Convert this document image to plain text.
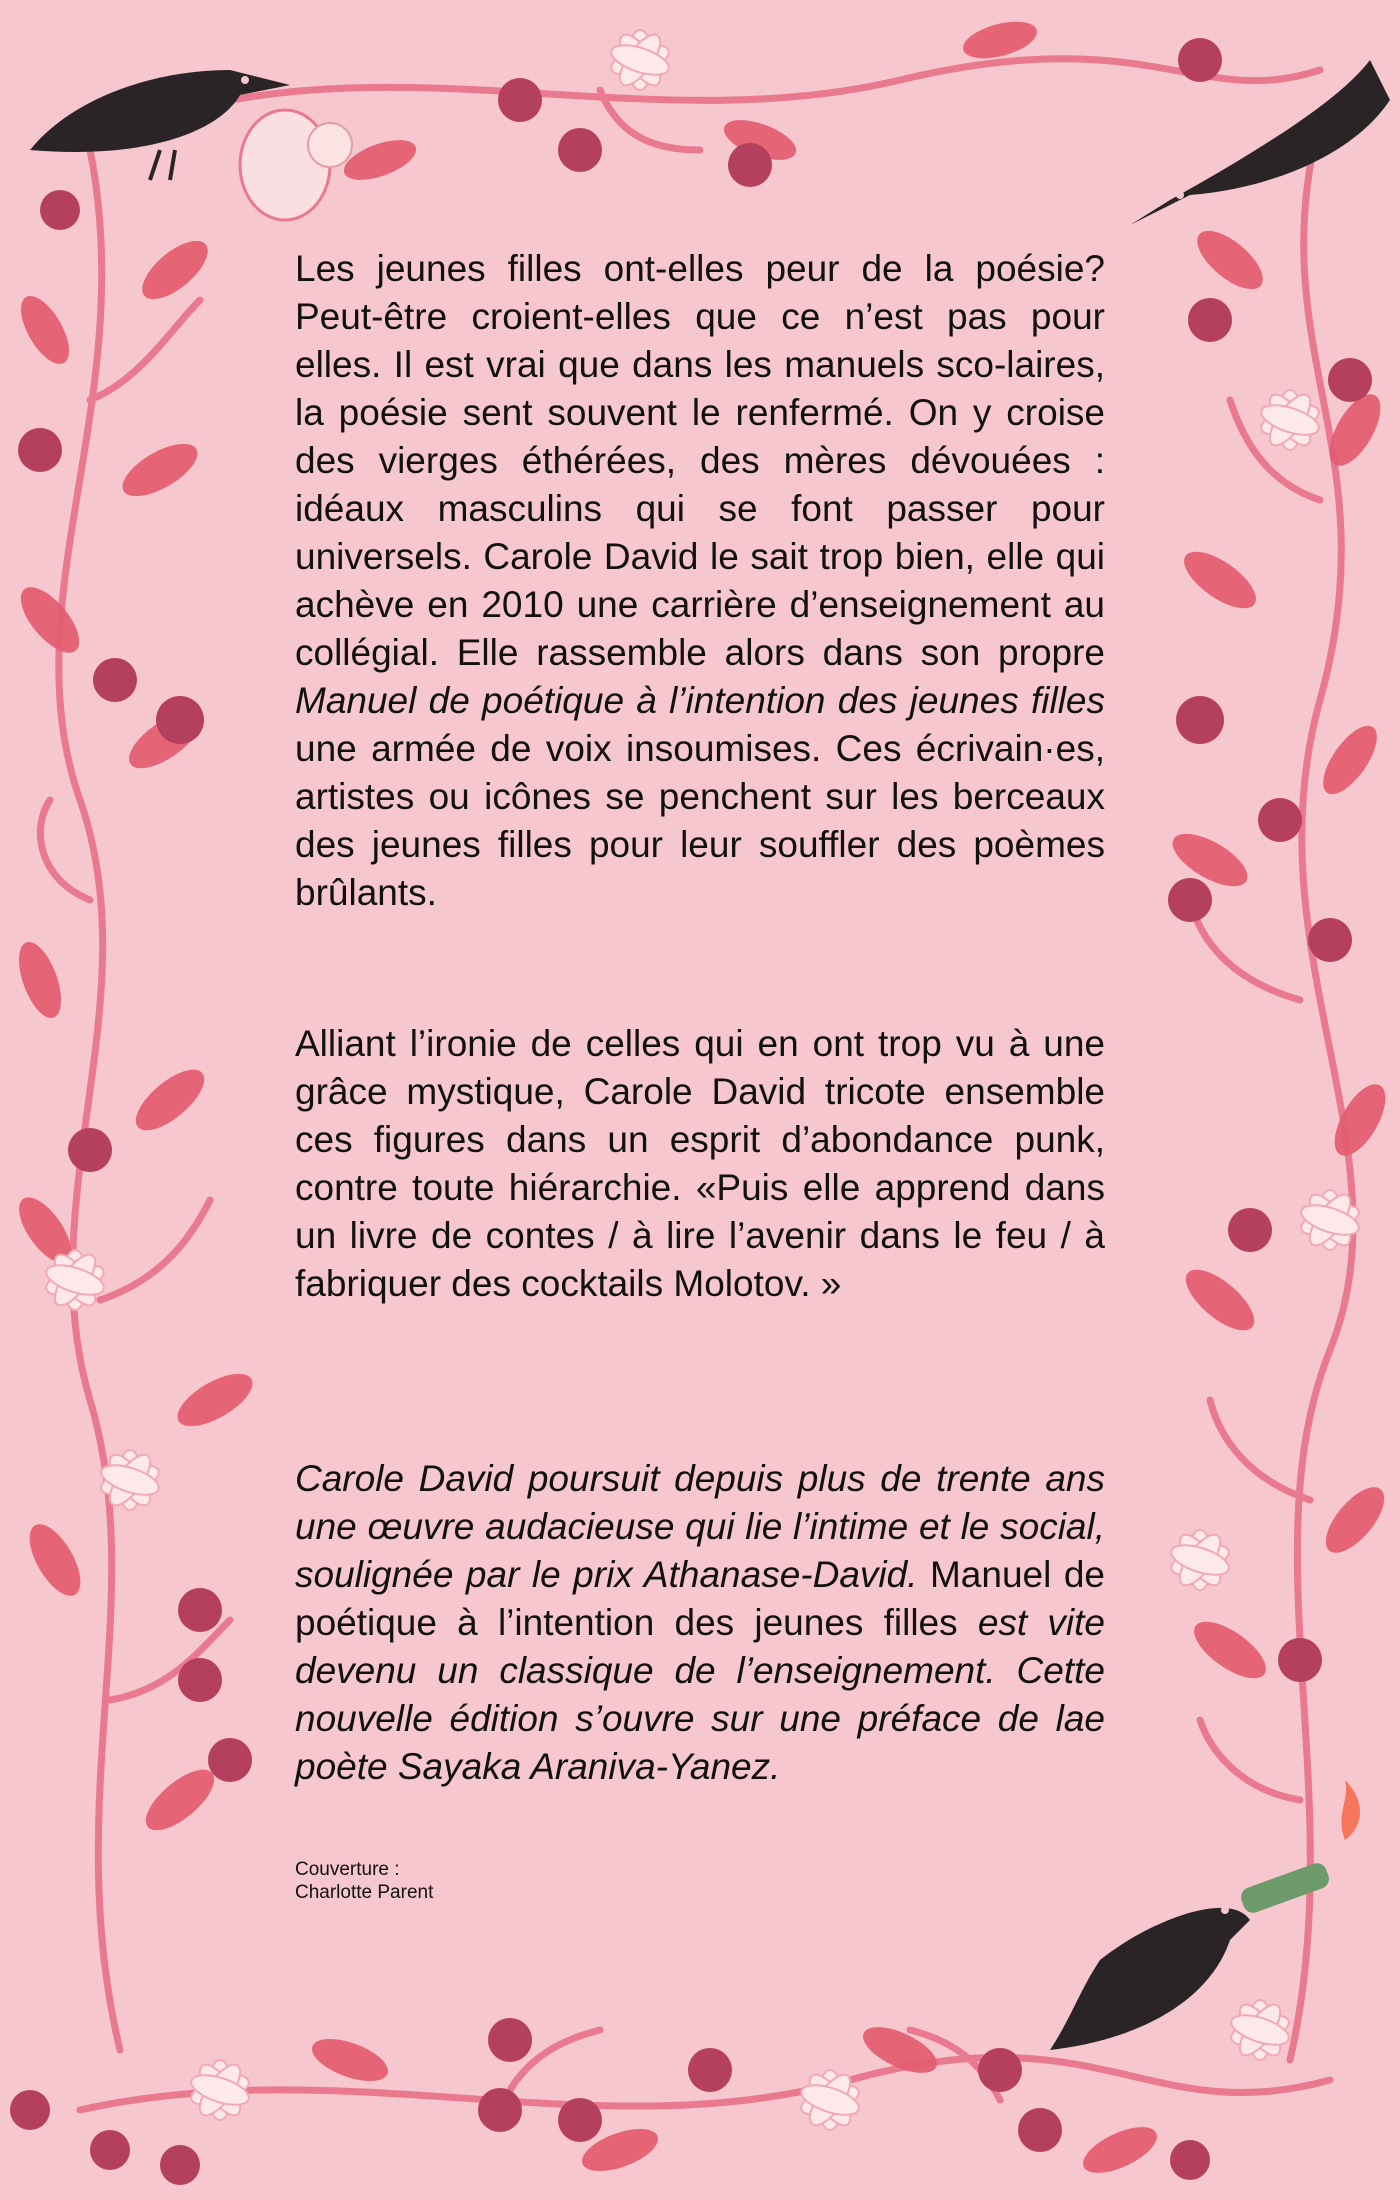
Les jeunes filles ont-elles peur de la poésie? Peut-être croient-elles que ce n’est pas pour elles. Il est vrai que dans les manuels sco-laires, la poésie sent souvent le renfermé. On y croise des vierges éthérées, des mères dévouées : idéaux masculins qui se font passer pour universels. Carole David le sait trop bien, elle qui achève en 2010 une carrière d’enseignement au collégial. Elle rassemble alors dans son propre Manuel de poétique à l’intention des jeunes filles une armée de voix insoumises. Ces écrivain·es, artistes ou icônes se penchent sur les berceaux des jeunes filles pour leur souffler des poèmes brûlants.

Alliant l’ironie de celles qui en ont trop vu à une grâce mystique, Carole David tricote ensemble ces figures dans un esprit d’abondance punk, contre toute hiérarchie. «Puis elle apprend dans un livre de contes / à lire l’avenir dans le feu / à fabriquer des cocktails Molotov. »

Carole David poursuit depuis plus de trente ans une œuvre audacieuse qui lie l’intime et le social, soulignée par le prix Athanase-David. Manuel de poétique à l’intention des jeunes filles est vite devenu un classique de l’enseignement. Cette nouvelle édition s’ouvre sur une préface de lae poète Sayaka Araniva-Yanez.

Couverture :
Charlotte Parent
